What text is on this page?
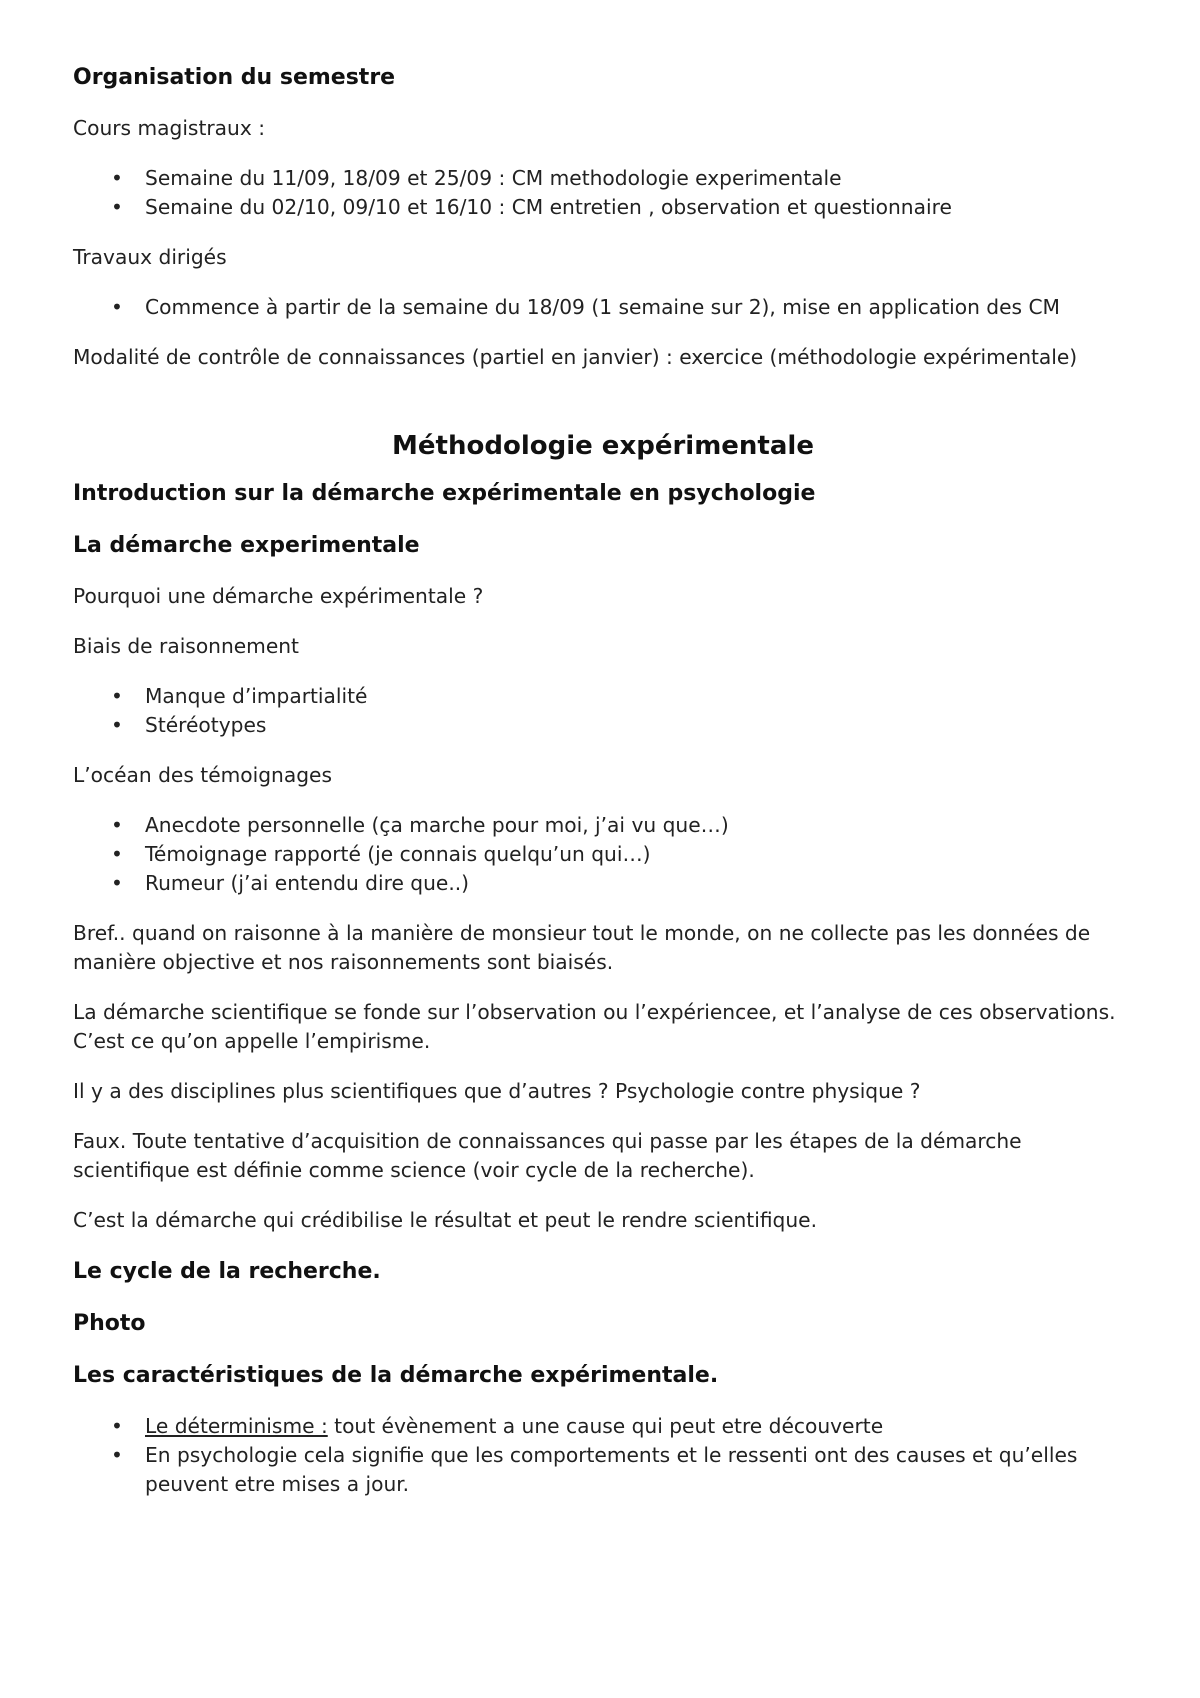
Organisation du semestre

Cours magistraux :

• Semaine du 11/09, 18/09 et 25/09 : CM methodologie experimentale
• Semaine du 02/10, 09/10 et 16/10 : CM entretien , observation et questionnaire

Travaux dirigés

• Commence à partir de la semaine du 18/09 (1 semaine sur 2), mise en application des CM

Modalité de contrôle de connaissances (partiel en janvier) : exercice (méthodologie expérimentale)

Méthodologie expérimentale
Introduction sur la démarche expérimentale en psychologie
La démarche experimentale

Pourquoi une démarche expérimentale ?

Biais de raisonnement

• Manque d’impartialité
• Stéréotypes

L’océan des témoignages

• Anecdote personnelle (ça marche pour moi, j’ai vu que…)
• Témoignage rapporté (je connais quelqu’un qui…)
• Rumeur (j’ai entendu dire que..)

Bref.. quand on raisonne à la manière de monsieur tout le monde, on ne collecte pas les données de manière objective et nos raisonnements sont biaisés.

La démarche scientifique se fonde sur l’observation ou l’expériencee, et l’analyse de ces observations. C’est ce qu’on appelle l’empirisme.

Il y a des disciplines plus scientifiques que d’autres ? Psychologie contre physique ?

Faux. Toute tentative d’acquisition de connaissances qui passe par les étapes de la démarche scientifique est définie comme science (voir cycle de la recherche).

C’est la démarche qui crédibilise le résultat et peut le rendre scientifique.

Le cycle de la recherche.
Photo
Les caractéristiques de la démarche expérimentale.
• Le déterminisme : tout évènement a une cause qui peut etre découverte
• En psychologie cela signifie que les comportements et le ressenti ont des causes et qu’elles peuvent etre mises a jour.
